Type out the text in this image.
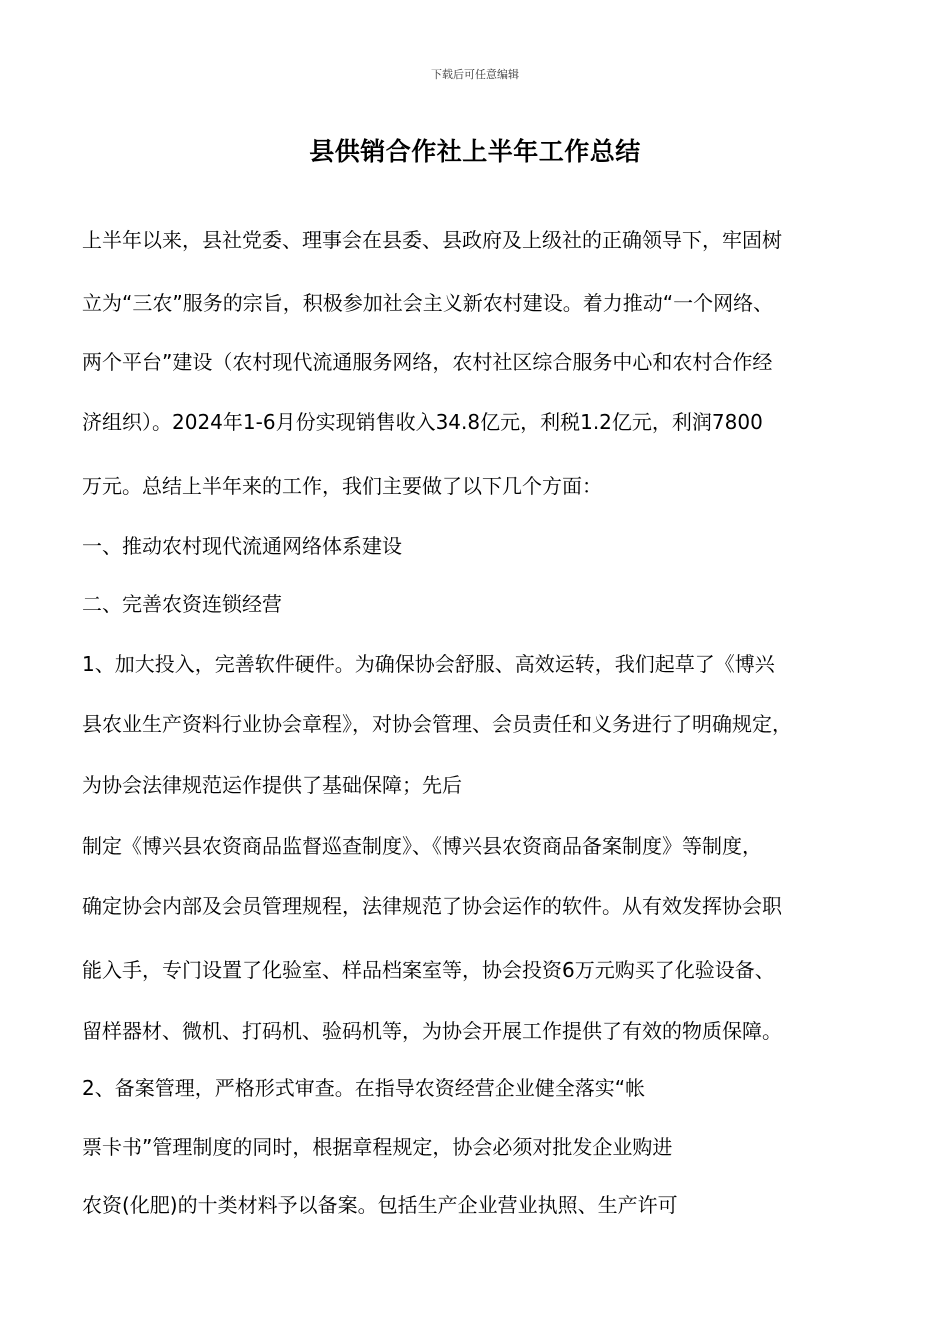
下载后可任意编辑
县供销合作社上半年工作总结
上半年以来，县社党委、理事会在县委、县政府及上级社的正确领导下，牢固树
立为“三农”服务的宗旨，积极参加社会主义新农村建设。着力推动“一个网络、
两个平台”建设（农村现代流通服务网络，农村社区综合服务中心和农村合作经
济组织）。2024年1-6月份实现销售收入34.8亿元，利税1.2亿元，利润7800
万元。总结上半年来的工作，我们主要做了以下几个方面：
一、推动农村现代流通网络体系建设
二、完善农资连锁经营
1、加大投入，完善软件硬件。为确保协会舒服、高效运转，我们起草了《博兴
县农业生产资料行业协会章程》，对协会管理、会员责任和义务进行了明确规定，
为协会法律规范运作提供了基础保障；先后
制定《博兴县农资商品监督巡查制度》、《博兴县农资商品备案制度》等制度，
确定协会内部及会员管理规程，法律规范了协会运作的软件。从有效发挥协会职
能入手，专门设置了化验室、样品档案室等，协会投资6万元购买了化验设备、
留样器材、微机、打码机、验码机等，为协会开展工作提供了有效的物质保障。
2、备案管理，严格形式审查。在指导农资经营企业健全落实“帐
票卡书”管理制度的同时，根据章程规定，协会必须对批发企业购进
农资(化肥)的十类材料予以备案。包括生产企业营业执照、生产许可
